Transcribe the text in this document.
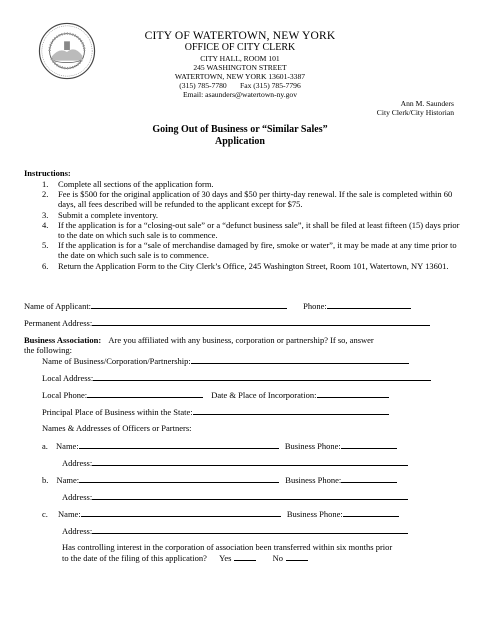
CITY OF WATERTOWN, NEW YORK
OFFICE OF CITY CLERK
CITY HALL, ROOM 101
245 WASHINGTON STREET
WATERTOWN, NEW YORK 13601-3387
(315) 785-7780       Fax (315) 785-7796
Email: asaunders@watertown-ny.gov
Ann M. Saunders
City Clerk/City Historian
Going Out of Business or “Similar Sales”
Application
Instructions:
1. Complete all sections of the application form.
2. Fee is $500 for the original application of 30 days and $50 per thirty-day renewal. If the sale is completed within 60 days, all fees described will be refunded to the applicant except for $75.
3. Submit a complete inventory.
4. If the application is for a “closing-out sale” or a “defunct business sale”, it shall be filed at least fifteen (15) days prior to the date on which such sale is to commence.
5. If the application is for a “sale of merchandise damaged by fire, smoke or water”, it may be made at any time prior to the date on which such sale is to commence.
6. Return the Application Form to the City Clerk’s Office, 245 Washington Street, Room 101, Watertown, NY 13601.
Name of Applicant:	Phone:
Permanent Address:
Business Association: Are you affiliated with any business, corporation or partnership? If so, answer
the following:
Name of Business/Corporation/Partnership:
Local Address:
Local Phone:	Date & Place of Incorporation:
Principal Place of Business within the State:
Names & Addresses of Officers or Partners:
a. Name:	Business Phone:
Address:
b. Name:	Business Phone:
Address:
c. Name:	Business Phone:
Address:
Has controlling interest in the corporation of association been transferred within six months prior
to the date of the filing of this application? Yes	No
